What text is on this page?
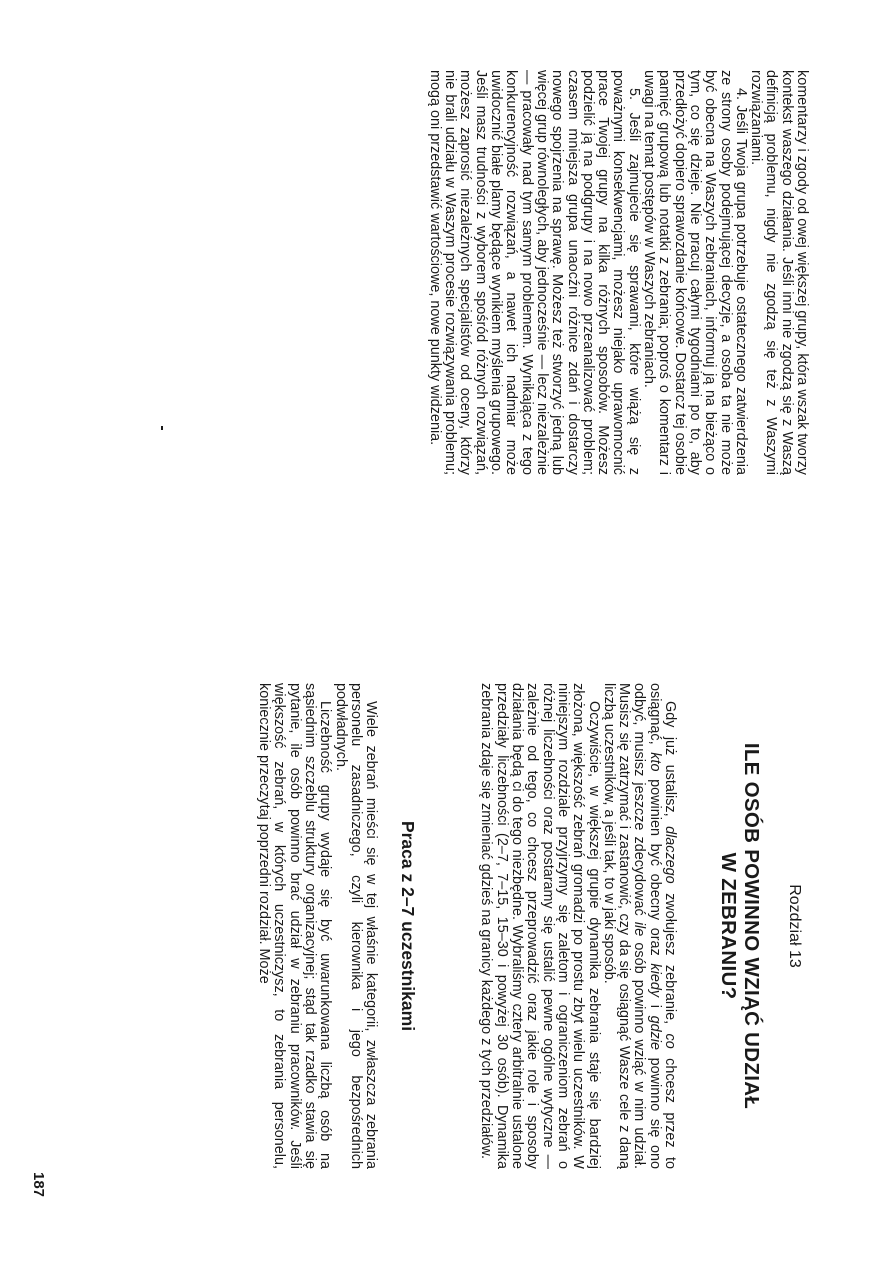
komentarzy i zgody od owej większej grupy, która wszak tworzy kontekst waszego działania. Jeśli inni nie zgodzą się z Waszą definicją problemu, nigdy nie zgodzą się też z Waszymi rozwiązaniami.

4. Jeśli Twoja grupa potrzebuje ostatecznego zatwierdzenia ze strony osoby podejmującej decyzje, a osoba ta nie może być obecna na Waszych zebraniach, informuj ją na bieżąco o tym, co się dzieje. Nie pracuj całymi tygodniami po to, aby przedłożyć dopiero sprawozdanie końcowe. Dostarcz tej osobie pamięć grupową lub notatki z zebrania; poproś o komentarz i uwagi na temat postępów w Waszych zebraniach.

5. Jeśli zajmujecie się sprawami, które wiążą się z poważnymi konsekwencjami, możesz niejako uprawomocnić prace Twojej grupy na kilka różnych sposobów. Możesz podzielić ją na podgrupy i na nowo przeanalizować problem; czasem mniejsza grupa unaocźni różnice zdań i dostarczy nowego spojrzenia na sprawę. Możesz też stworzyć jedną lub więcej grup równoległych, aby jednocześnie — lecz niezależnie — pracowały nad tym samym problemem. Wynikająca z tego konkurencyjność rozwiązań, a nawet ich nadmiar może uwidocznić białe plamy będące wynikiem myślenia grupowego. Jeśli masz trudności z wyborem spośród różnych rozwiązań, możesz zaprosić niezależnych specjalistów od oceny, którzy nie brali udziału w Waszym procesie rozwiązywania problemu; mogą oni przedstawić wartościowe, nowe punkty widzenia.

Rozdział 13
ILE OSÓB POWINNO WZIĄĆ UDZIAŁ
W ZEBRANIU?

Gdy już ustalisz, dlaczego zwołujesz zebranie, co chcesz przez to osiągnąć, kto powinien być obecny oraz kiedy i gdzie powinno się ono odbyć, musisz jeszcze zdecydować ile osób powinno wziąć w nim udział. Musisz się zatrzymać i zastanowić, czy da się osiągnąć Wasze cele z daną liczbą uczestników, a jeśli tak, to w jaki sposób.

Oczywiście, w większej grupie dynamika zebrania staje się bardziej złożona, większość zebrań gromadzi po prostu zbyt wielu uczestników. W niniejszym rozdziale przyjrzymy się zaletom i ograniczeniom zebrań o różnej liczebności oraz postaramy się ustalić pewne ogólne wytyczne — zależnie od tego, co chcesz przeprowadzić oraz jakie role i sposoby działania będą ci do tego niezbędne. Wybraliśmy cztery arbitralnie ustalone przedziały liczebności (2–7, 7–15, 15–30 i powyżej 30 osób). Dynamika zebrania zdaje się zmieniać gdzieś na granicy każdego z tych przedziałów.

Praca z 2–7 uczestnikami

Wiele zebrań mieści się w tej właśnie kategorii, zwłaszcza zebrania personelu zasadniczego, czyli kierownika i jego bezpośrednich podwładnych.

Liczebność grupy wydaje się być uwarunkowana liczbą osób na sąsiednim szczeblu struktury organizacyjnej; stąd tak rzadko stawia się pytanie, ile osób powinno brać udział w zebraniu pracowników. Jeśli większość zebrań, w których uczestniczysz, to zebrania personelu, koniecznie przeczytaj poprzedni rozdział. Może

187
